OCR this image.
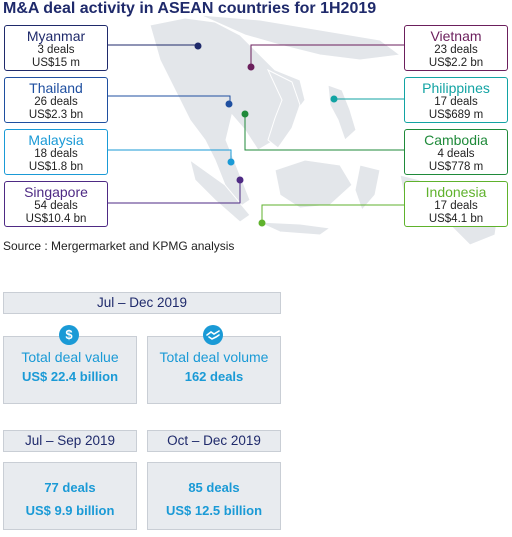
M&A deal activity in ASEAN countries for 1H2019
Myanmar
3 deals
US$15 m
Thailand
26 deals
US$2.3 bn
Malaysia
18 deals
US$1.8 bn
Singapore
54 deals
US$10.4 bn
Vietnam
23 deals
US$2.2 bn
Philippines
17 deals
US$689 m
Cambodia
4 deals
US$778 m
Indonesia
17 deals
US$4.1 bn
Source : Mergermarket and KPMG analysis
Jul – Dec 2019
Total deal value
US$ 22.4 billion
$
Total deal volume
162 deals
Jul – Sep 2019	Oct – Dec 2019
77 deals
US$ 9.9 billion
85 deals
US$ 12.5 billion
